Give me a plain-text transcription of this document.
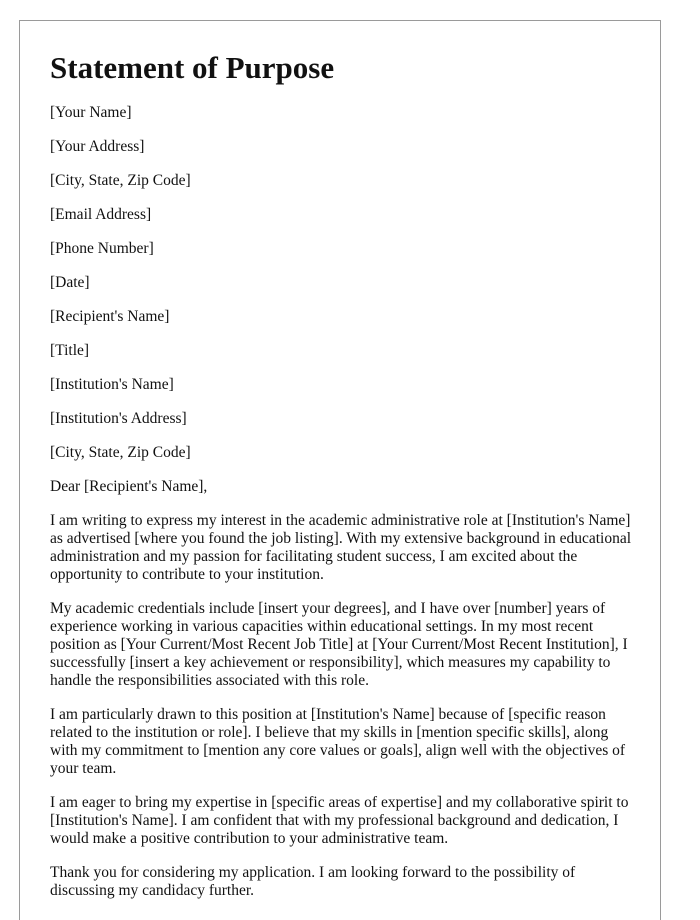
Statement of Purpose
[Your Name]
[Your Address]
[City, State, Zip Code]
[Email Address]
[Phone Number]
[Date]
[Recipient's Name]
[Title]
[Institution's Name]
[Institution's Address]
[City, State, Zip Code]
Dear [Recipient's Name],

I am writing to express my interest in the academic administrative role at [Institution's Name] as advertised [where you found the job listing]. With my extensive background in educational administration and my passion for facilitating student success, I am excited about the opportunity to contribute to your institution.

My academic credentials include [insert your degrees], and I have over [number] years of experience working in various capacities within educational settings. In my most recent position as [Your Current/Most Recent Job Title] at [Your Current/Most Recent Institution], I successfully [insert a key achievement or responsibility], which measures my capability to handle the responsibilities associated with this role.

I am particularly drawn to this position at [Institution's Name] because of [specific reason related to the institution or role]. I believe that my skills in [mention specific skills], along with my commitment to [mention any core values or goals], align well with the objectives of your team.

I am eager to bring my expertise in [specific areas of expertise] and my collaborative spirit to [Institution's Name]. I am confident that with my professional background and dedication, I would make a positive contribution to your administrative team.

Thank you for considering my application. I am looking forward to the possibility of discussing my candidacy further.
